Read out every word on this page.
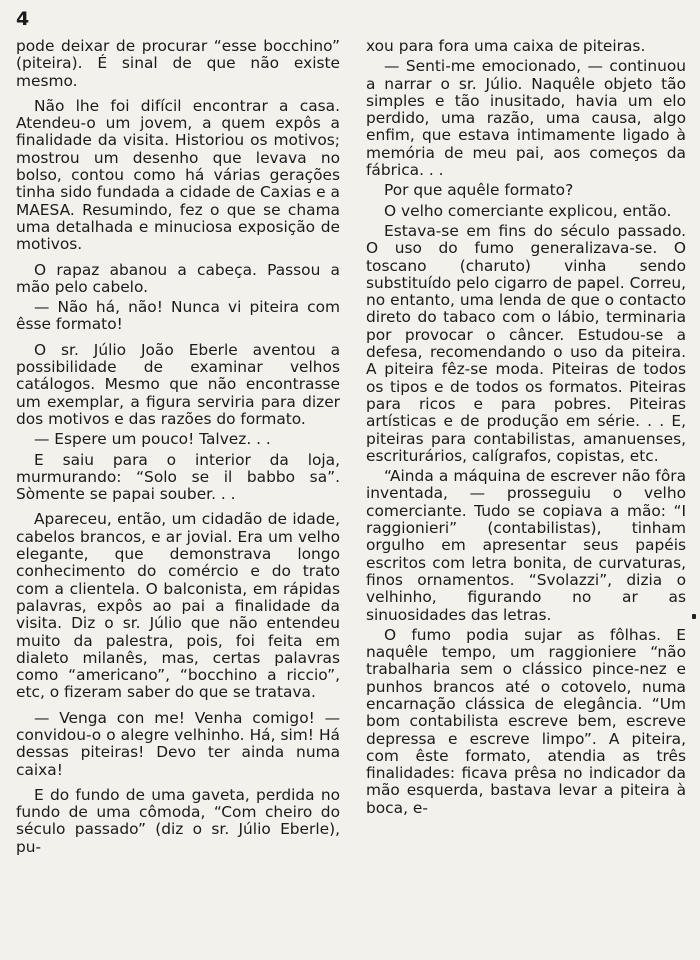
4

pode deixar de procurar “esse bocchino” (piteira). É sinal de que não existe mesmo.

Não lhe foi difícil encontrar a casa. Atendeu-o um jovem, a quem expôs a finalidade da visita. Historiou os motivos; mostrou um desenho que levava no bolso, contou como há várias gerações tinha sido fundada a cidade de Caxias e a MAESA. Resumindo, fez o que se chama uma detalhada e minuciosa exposição de motivos.

O rapaz abanou a cabeça. Passou a mão pelo cabelo.

— Não há, não! Nunca vi piteira com êsse formato!

O sr. Júlio João Eberle aventou a possibilidade de examinar velhos catálogos. Mesmo que não encontrasse um exemplar, a figura serviria para dizer dos motivos e das razões do formato.

— Espere um pouco! Talvez. . .

E saiu para o interior da loja, murmurando: “Solo se il babbo sa”. Sòmente se papai souber. . .

Apareceu, então, um cidadão de idade, cabelos brancos, e ar jovial. Era um velho elegante, que demonstrava longo conhecimento do comércio e do trato com a clientela. O balconista, em rápidas palavras, expôs ao pai a finalidade da visita. Diz o sr. Júlio que não entendeu muito da palestra, pois, foi feita em dialeto milanês, mas, certas palavras como “americano”, “bocchino a riccio”, etc, o fizeram saber do que se tratava.

— Venga con me! Venha comigo! — convidou-o o alegre velhinho. Há, sim! Há dessas piteiras! Devo ter ainda numa caixa!

E do fundo de uma gaveta, perdida no fundo de uma cômoda, “Com cheiro do século passado” (diz o sr. Júlio Eberle), pu-

xou para fora uma caixa de piteiras.

— Senti-me emocionado, — continuou a narrar o sr. Júlio. Naquêle objeto tão simples e tão inusitado, havia um elo perdido, uma razão, uma causa, algo enfim, que estava intimamente ligado à memória de meu pai, aos começos da fábrica. . .

Por que aquêle formato?

O velho comerciante explicou, então.

Estava-se em fins do século passado. O uso do fumo generalizava-se. O toscano (charuto) vinha sendo substituído pelo cigarro de papel. Correu, no entanto, uma lenda de que o contacto direto do tabaco com o lábio, terminaria por provocar o câncer. Estudou-se a defesa, recomendando o uso da piteira. A piteira fêz-se moda. Piteiras de todos os tipos e de todos os formatos. Piteiras para ricos e para pobres. Piteiras artísticas e de produção em série. . . E, piteiras para contabilistas, amanuenses, escriturários, calígrafos, copistas, etc.

“Ainda a máquina de escrever não fôra inventada, — prosseguiu o velho comerciante. Tudo se copiava a mão: “I raggionieri” (contabilistas), tinham orgulho em apresentar seus papéis escritos com letra bonita, de curvaturas, finos ornamentos. “Svolazzi”, dizia o velhinho, figurando no ar as sinuosidades das letras.

O fumo podia sujar as fôlhas. E naquêle tempo, um raggioniere “não trabalharia sem o clássico pince-nez e punhos brancos até o cotovelo, numa encarnação clássica de elegância. “Um bom contabilista escreve bem, escreve depressa e escreve limpo”. A piteira, com êste formato, atendia as três finalidades: ficava prêsa no indicador da mão esquerda, bastava levar a piteira à boca, e-
